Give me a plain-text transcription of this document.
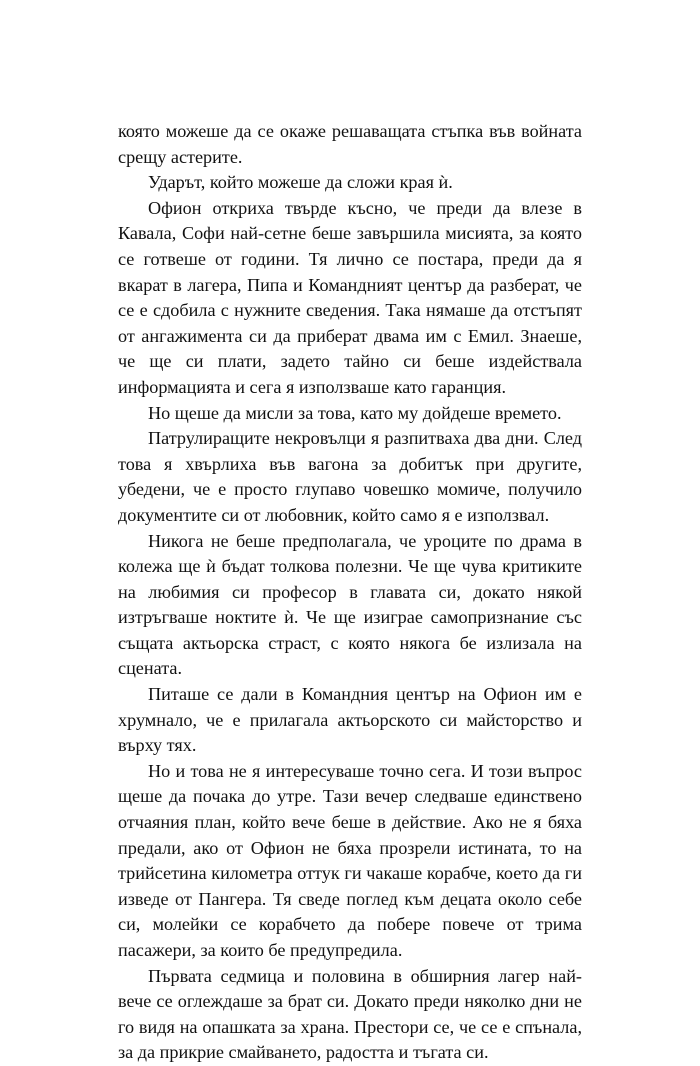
която можеше да се окаже решаващата стъпка във войната срещу астерите.

Ударът, който можеше да сложи края ѝ.

Офион откриха твърде късно, че преди да влезе в Кавала, Софи най-сетне беше завършила мисията, за която се готвеше от години. Тя лично се постара, преди да я вкарат в лагера, Пипа и Командният център да разберат, че се е сдобила с нужните сведения. Така нямаше да отстъпят от ангажимента си да приберат двама им с Емил. Знаеше, че ще си плати, задето тайно си беше издействала информацията и сега я използваше като гаранция.

Но щеше да мисли за това, като му дойдеше времето.

Патрулиращите некровълци я разпитваха два дни. След това я хвърлиха във вагона за добитък при другите, убедени, че е просто глупаво човешко момиче, получило документите си от любовник, който само я е използвал.

Никога не беше предполагала, че уроците по драма в колежа ще ѝ бъдат толкова полезни. Че ще чува критиките на любимия си професор в главата си, докато някой изтръгваше ноктите ѝ. Че ще изиграе самопризнание със същата актьорска страст, с която някога бе излизала на сцената.

Питаше се дали в Командния център на Офион им е хрумнало, че е прилагала актьорското си майсторство и върху тях.

Но и това не я интересуваше точно сега. И този въпрос щеше да почака до утре. Тази вечер следваше единствено отчаяния план, който вече беше в действие. Ако не я бяха предали, ако от Офион не бяха прозрели истината, то на трийсетина километра оттук ги чакаше корабче, което да ги изведе от Пангера. Тя сведе поглед към децата около себе си, молейки се корабчето да побере повече от трима пасажери, за които бе предупредила.

Първата седмица и половина в обширния лагер най-вече се оглеждаше за брат си. Докато преди няколко дни не го видя на опашката за храна. Престори се, че се е спънала, за да прикрие смайването, радостта и тъгата си.
